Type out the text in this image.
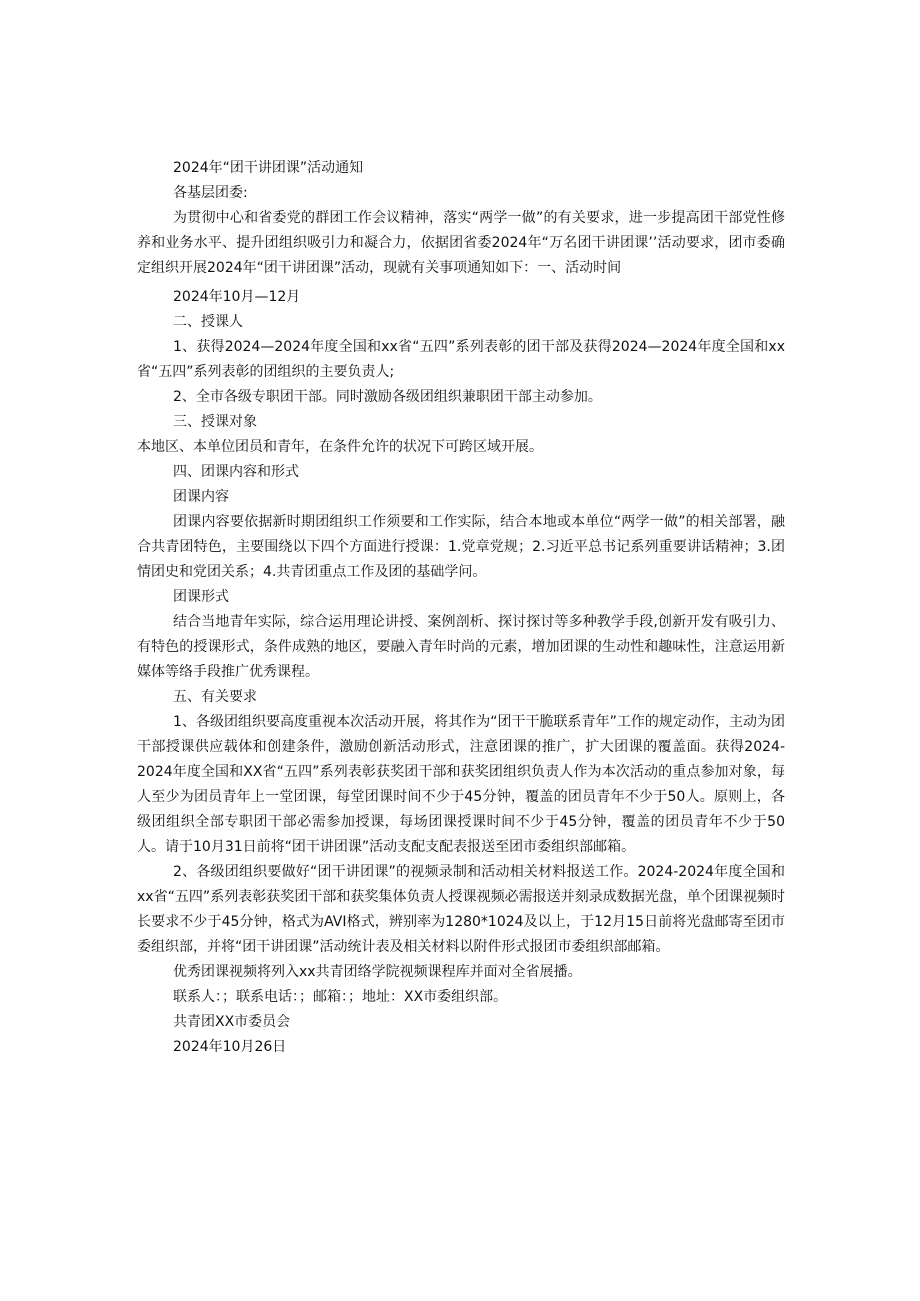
2024年“团干讲团课”活动通知

各基层团委:

为贯彻中心和省委党的群团工作会议精神，落实“两学一做”的有关要求，进一步提高团干部党性修养和业务水平、提升团组织吸引力和凝合力，依据团省委2024年“万名团干讲团课’’活动要求，团市委确定组织开展2024年“团干讲团课”活动，现就有关事项通知如下：一、活动时间

2024年10月—12月

二、授课人

1、获得2024—2024年度全国和xx省“五四”系列表彰的团干部及获得2024—2024年度全国和xx省“五四”系列表彰的团组织的主要负责人;

2、全市各级专职团干部。同时激励各级团组织兼职团干部主动参加。

三、授课对象

本地区、本单位团员和青年，在条件允许的状况下可跨区域开展。

四、团课内容和形式

团课内容

团课内容要依据新时期团组织工作须要和工作实际，结合本地或本单位“两学一做”的相关部署，融合共青团特色，主要围绕以下四个方面进行授课：1.党章党规；2.习近平总书记系列重要讲话精神；3.团情团史和党团关系；4.共青团重点工作及团的基础学问。

团课形式

结合当地青年实际，综合运用理论讲授、案例剖析、探讨探讨等多种教学手段,创新开发有吸引力、有特色的授课形式，条件成熟的地区，要融入青年时尚的元素，增加团课的生动性和趣味性，注意运用新媒体等络手段推广优秀课程。

五、有关要求

1、各级团组织要高度重视本次活动开展，将其作为“团干干脆联系青年”工作的规定动作，主动为团干部授课供应载体和创建条件，激励创新活动形式，注意团课的推广，扩大团课的覆盖面。获得2024-2024年度全国和XX省“五四”系列表彰获奖团干部和获奖团组织负责人作为本次活动的重点参加对象，每人至少为团员青年上一堂团课，每堂团课时间不少于45分钟，覆盖的团员青年不少于50人。原则上，各级团组织全部专职团干部必需参加授课，每场团课授课时间不少于45分钟，覆盖的团员青年不少于50人。请于10月31日前将“团干讲团课”活动支配支配表报送至团市委组织部邮箱。

2、各级团组织要做好“团干讲团课”的视频录制和活动相关材料报送工作。2024-2024年度全国和xx省“五四”系列表彰获奖团干部和获奖集体负责人授课视频必需报送并刻录成数据光盘，单个团课视频时长要求不少于45分钟，格式为AVI格式，辨别率为1280*1024及以上，于12月15日前将光盘邮寄至团市委组织部，并将“团干讲团课”活动统计表及相关材料以附件形式报团市委组织部邮箱。

优秀团课视频将列入xx共青团络学院视频课程库并面对全省展播。

联系人：；联系电话：；邮箱：；地址：XX市委组织部。

共青团XX市委员会

2024年10月26日
